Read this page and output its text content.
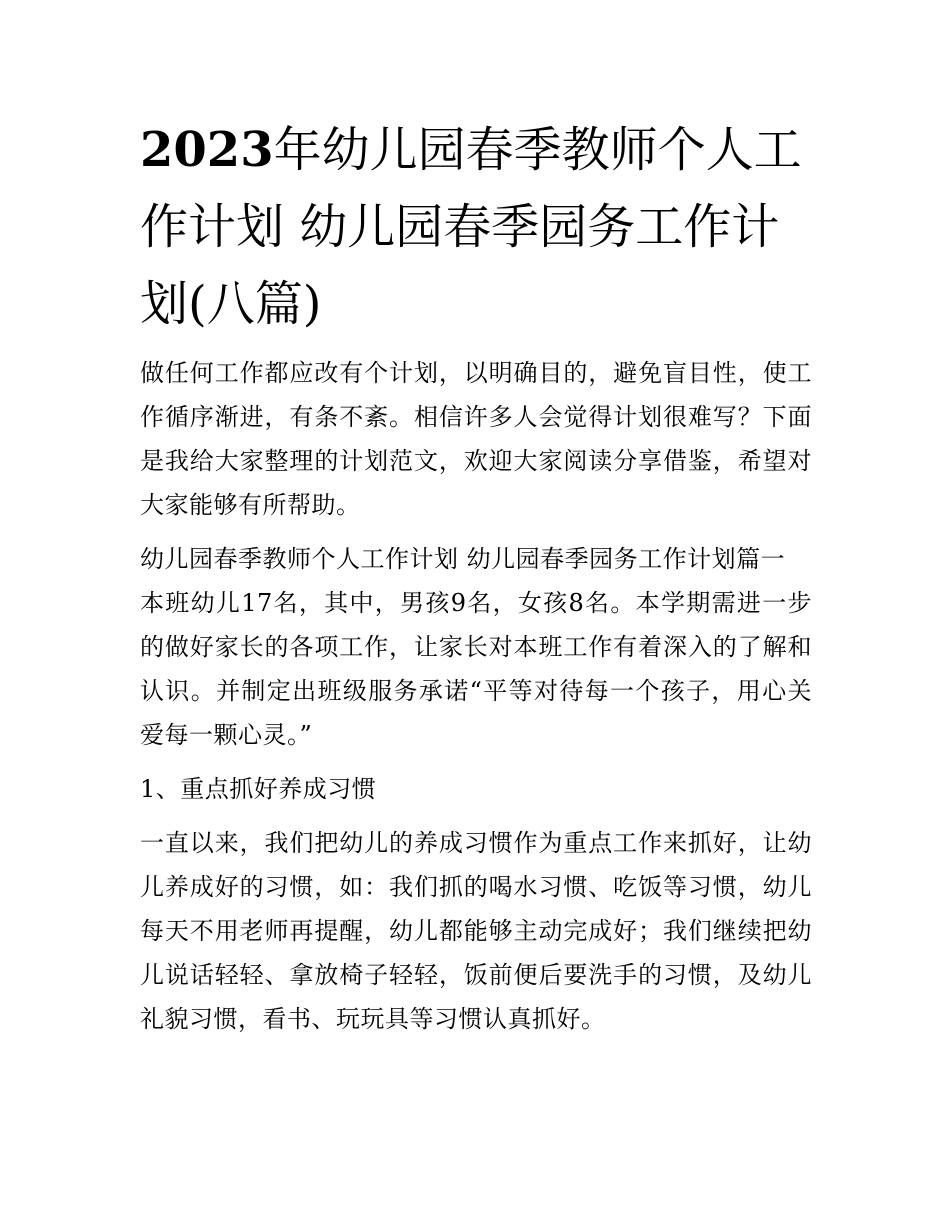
2023年幼儿园春季教师个人工作计划 幼儿园春季园务工作计划(八篇)

做任何工作都应改有个计划，以明确目的，避免盲目性，使工作循序渐进，有条不紊。相信许多人会觉得计划很难写？下面是我给大家整理的计划范文，欢迎大家阅读分享借鉴，希望对大家能够有所帮助。

幼儿园春季教师个人工作计划 幼儿园春季园务工作计划篇一

本班幼儿17名，其中，男孩9名，女孩8名。本学期需进一步的做好家长的各项工作，让家长对本班工作有着深入的了解和认识。并制定出班级服务承诺“平等对待每一个孩子，用心关爱每一颗心灵。”

1、重点抓好养成习惯

一直以来，我们把幼儿的养成习惯作为重点工作来抓好，让幼儿养成好的习惯，如：我们抓的喝水习惯、吃饭等习惯，幼儿每天不用老师再提醒，幼儿都能够主动完成好；我们继续把幼儿说话轻轻、拿放椅子轻轻，饭前便后要洗手的习惯，及幼儿礼貌习惯，看书、玩玩具等习惯认真抓好。
